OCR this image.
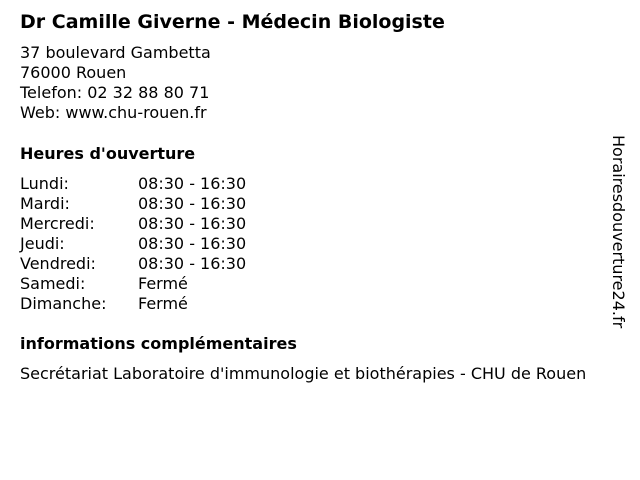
Dr Camille Giverne - Médecin Biologiste
37 boulevard Gambetta
76000 Rouen
Telefon: 02 32 88 80 71
Web: www.chu-rouen.fr
Heures d'ouverture
Lundi:	08:30 - 16:30
Mardi:	08:30 - 16:30
Mercredi:	08:30 - 16:30
Jeudi:	08:30 - 16:30
Vendredi:	08:30 - 16:30
Samedi:	Fermé
Dimanche:	Fermé
informations complémentaires
Secrétariat Laboratoire d'immunologie et biothérapies - CHU de Rouen
Horairesdouverture24.fr
